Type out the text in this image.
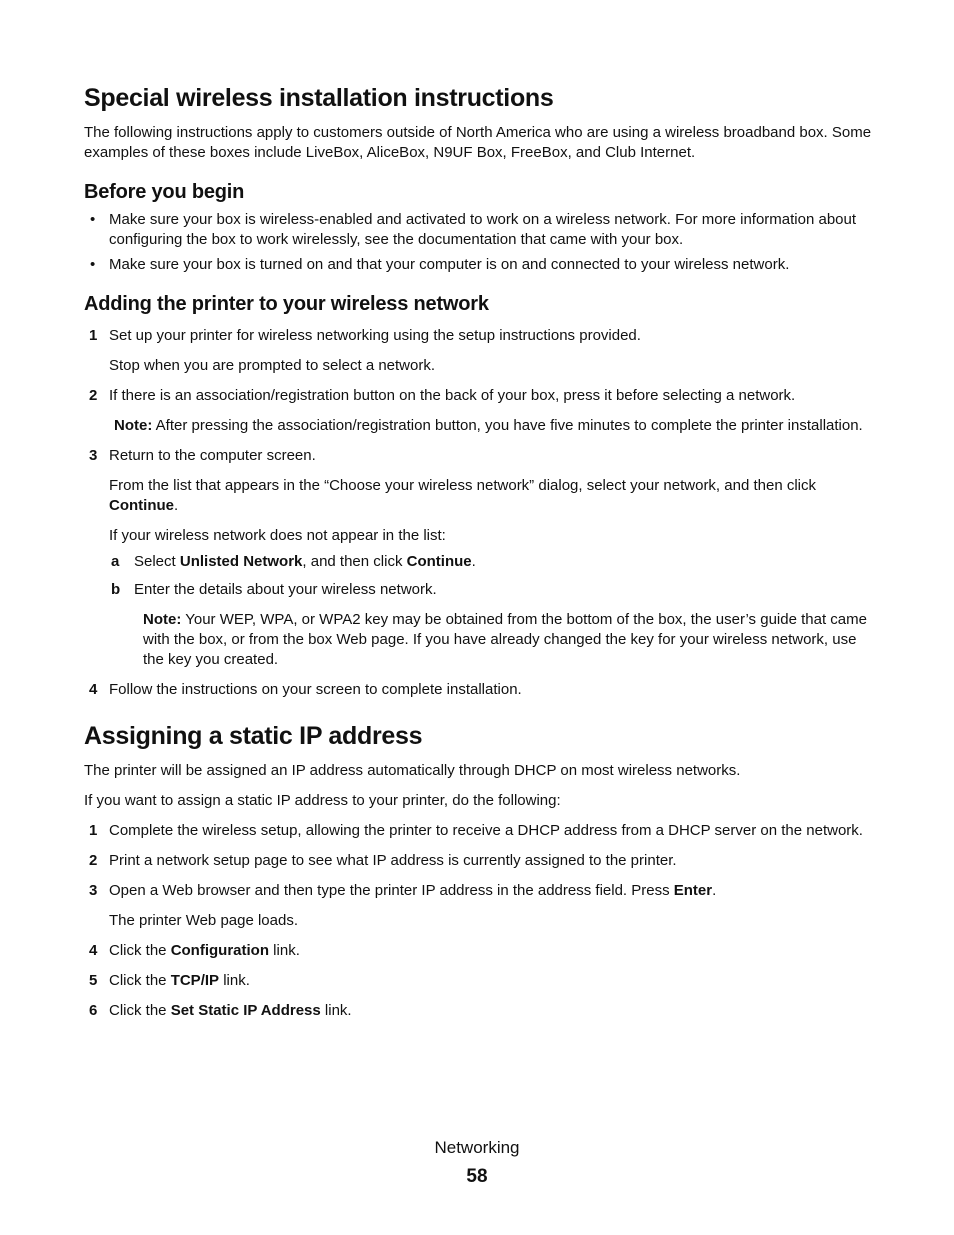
Special wireless installation instructions

The following instructions apply to customers outside of North America who are using a wireless broadband box. Some examples of these boxes include LiveBox, AliceBox, N9UF Box, FreeBox, and Club Internet.

Before you begin
• Make sure your box is wireless-enabled and activated to work on a wireless network. For more information about configuring the box to work wirelessly, see the documentation that came with your box.
• Make sure your box is turned on and that your computer is on and connected to your wireless network.
Adding the printer to your wireless network
1 Set up your printer for wireless networking using the setup instructions provided.
Stop when you are prompted to select a network.
2 If there is an association/registration button on the back of your box, press it before selecting a network.
Note: After pressing the association/registration button, you have five minutes to complete the printer installation.
3 Return to the computer screen.
From the list that appears in the “Choose your wireless network” dialog, select your network, and then click Continue.
If your wireless network does not appear in the list:
a Select Unlisted Network, and then click Continue.
b Enter the details about your wireless network.
Note: Your WEP, WPA, or WPA2 key may be obtained from the bottom of the box, the user’s guide that came with the box, or from the box Web page. If you have already changed the key for your wireless network, use the key you created.
4 Follow the instructions on your screen to complete installation.
Assigning a static IP address

The printer will be assigned an IP address automatically through DHCP on most wireless networks.

If you want to assign a static IP address to your printer, do the following:

1 Complete the wireless setup, allowing the printer to receive a DHCP address from a DHCP server on the network.
2 Print a network setup page to see what IP address is currently assigned to the printer.
3 Open a Web browser and then type the printer IP address in the address field. Press Enter.
The printer Web page loads.
4 Click the Configuration link.
5 Click the TCP/IP link.
6 Click the Set Static IP Address link.
Networking
58
